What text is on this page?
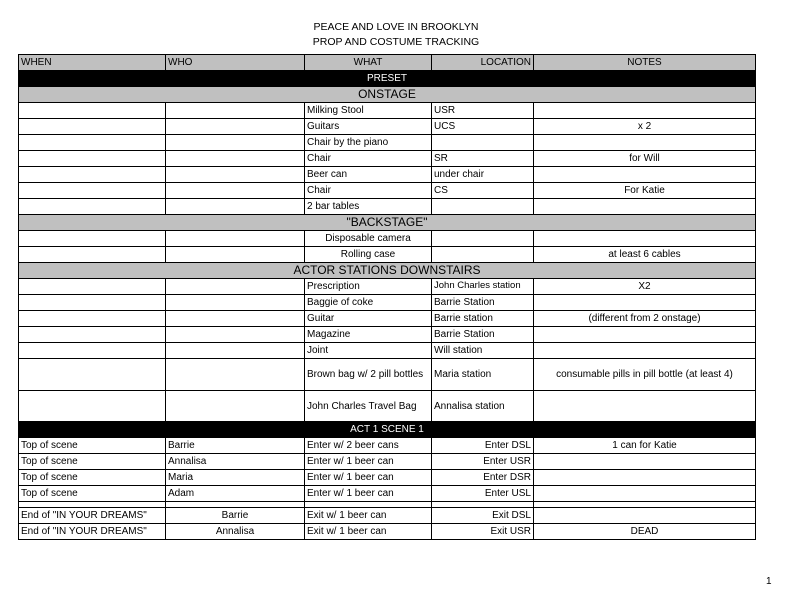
PEACE AND LOVE IN BROOKLYN
PROP AND COSTUME TRACKING
WHEN	WHO	WHAT	LOCATION	NOTES
PRESET				
ONSTAGE				
		Milking Stool	USR	
		Guitars	UCS	x 2
		Chair by the piano		
		Chair	SR	for Will
		Beer can	under chair	
		Chair	CS	For Katie
		2 bar tables		
"BACKSTAGE"				
		Disposable camera		
		Rolling case		at least 6 cables
ACTOR STATIONS DOWNSTAIRS				
		Prescription	John Charles station	X2
		Baggie of coke	Barrie Station	
		Guitar	Barrie station	(different from 2 onstage)
		Magazine	Barrie Station	
		Joint	Will station	
		Brown bag w/ 2 pill bottles	Maria station	consumable pills in pill bottle (at least 4)
		John Charles Travel Bag	Annalisa station	
ACT 1 SCENE 1				
Top of scene	Barrie	Enter w/ 2 beer cans	Enter DSL	1 can for Katie
Top of scene	Annalisa	Enter w/ 1 beer can	Enter USR	
Top of scene	Maria	Enter w/ 1 beer can	Enter DSR	
Top of scene	Adam	Enter w/ 1 beer can	Enter USL	

End of "IN YOUR DREAMS"	Barrie	Exit w/ 1 beer can	Exit DSL	
End of "IN YOUR DREAMS"	Annalisa	Exit w/ 1 beer can	Exit USR	DEAD
1
